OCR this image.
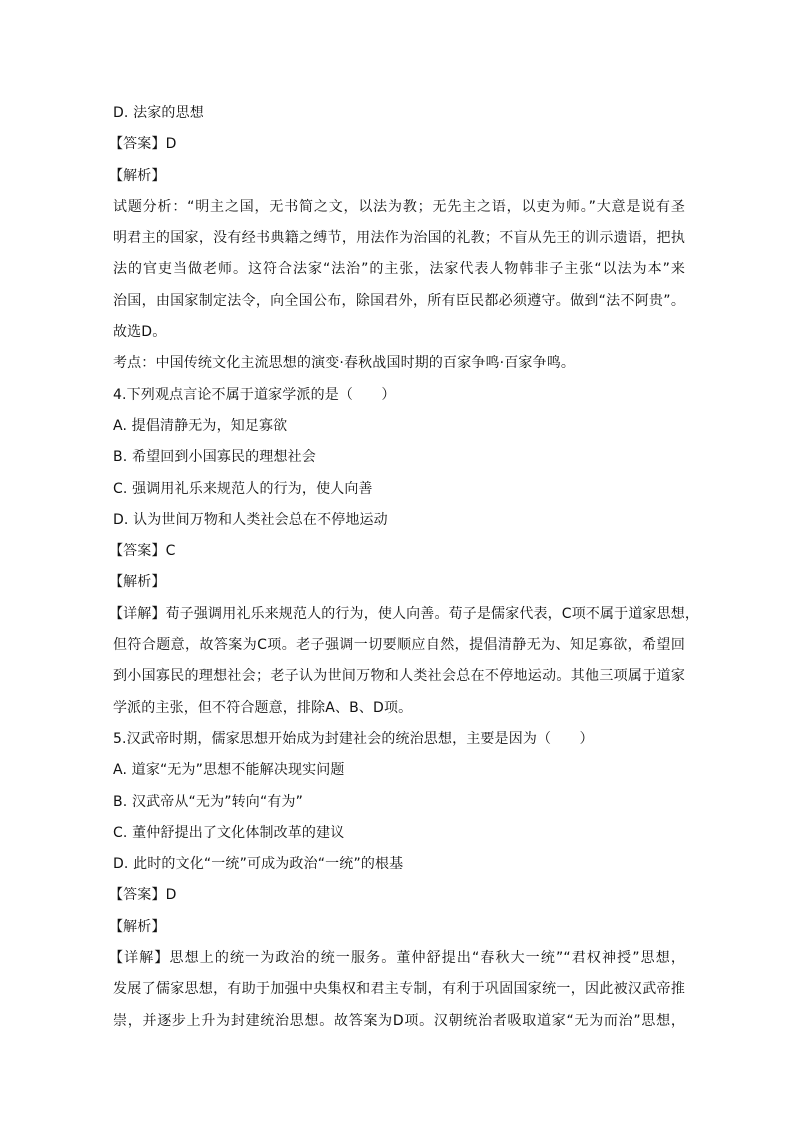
D. 法家的思想
【答案】D
【解析】
试题分析：“明主之国，无书简之文，以法为教；无先主之语，以吏为师。”大意是说有圣
明君主的国家，没有经书典籍之缚节，用法作为治国的礼教；不盲从先王的训示遗语，把执
法的官吏当做老师。这符合法家“法治”的主张，法家代表人物韩非子主张“以法为本”来
治国，由国家制定法令，向全国公布，除国君外，所有臣民都必须遵守。做到“法不阿贵”。
故选D。
考点：中国传统文化主流思想的演变·春秋战国时期的百家争鸣·百家争鸣。
4.下列观点言论不属于道家学派的是（　　）
A. 提倡清静无为，知足寡欲
B. 希望回到小国寡民的理想社会
C. 强调用礼乐来规范人的行为，使人向善
D. 认为世间万物和人类社会总在不停地运动
【答案】C
【解析】
【详解】荀子强调用礼乐来规范人的行为，使人向善。荀子是儒家代表，C项不属于道家思想，
但符合题意，故答案为C项。老子强调一切要顺应自然，提倡清静无为、知足寡欲，希望回
到小国寡民的理想社会；老子认为世间万物和人类社会总在不停地运动。其他三项属于道家
学派的主张，但不符合题意，排除A、B、D项。
5.汉武帝时期，儒家思想开始成为封建社会的统治思想，主要是因为（　　）
A. 道家“无为”思想不能解决现实问题
B. 汉武帝从“无为”转向“有为”
C. 董仲舒提出了文化体制改革的建议
D. 此时的文化“一统”可成为政治“一统”的根基
【答案】D
【解析】
【详解】思想上的统一为政治的统一服务。董仲舒提出“春秋大一统”“君权神授”思想，
发展了儒家思想，有助于加强中央集权和君主专制，有利于巩固国家统一，因此被汉武帝推
崇，并逐步上升为封建统治思想。故答案为D项。汉朝统治者吸取道家“无为而治”思想，
